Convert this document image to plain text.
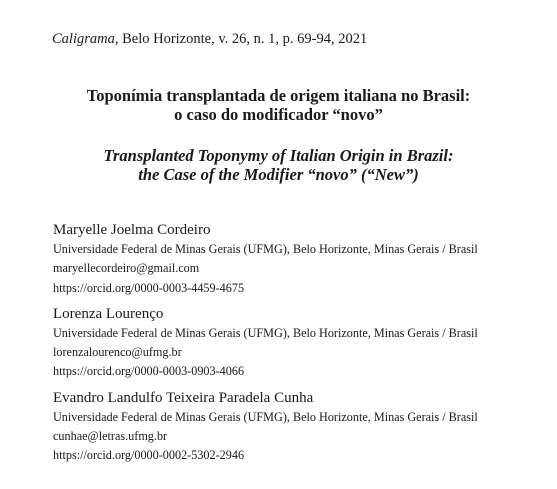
Caligrama, Belo Horizonte, v. 26, n. 1, p. 69-94, 2021
Toponímia transplantada de origem italiana no Brasil:
o caso do modificador “novo”
Transplanted Toponymy of Italian Origin in Brazil:
the Case of the Modifier “novo” (“New”)
Maryelle Joelma Cordeiro
Universidade Federal de Minas Gerais (UFMG), Belo Horizonte, Minas Gerais / Brasil
maryellecordeiro@gmail.com
https://orcid.org/0000-0003-4459-4675
Lorenza Lourenço
Universidade Federal de Minas Gerais (UFMG), Belo Horizonte, Minas Gerais / Brasil
lorenzalourenco@ufmg.br
https://orcid.org/0000-0003-0903-4066
Evandro Landulfo Teixeira Paradela Cunha
Universidade Federal de Minas Gerais (UFMG), Belo Horizonte, Minas Gerais / Brasil
cunhae@letras.ufmg.br
https://orcid.org/0000-0002-5302-2946
